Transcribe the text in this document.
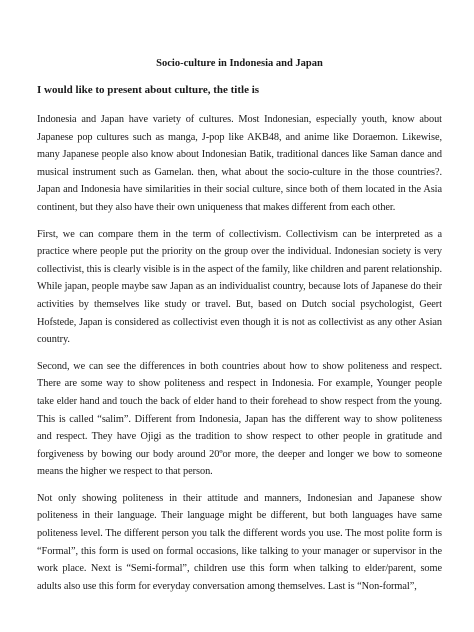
Socio-culture in Indonesia and Japan
I would like to present about culture, the title is

Indonesia and Japan have variety of cultures. Most Indonesian, especially youth, know about Japanese pop cultures such as manga, J-pop like AKB48, and anime like Doraemon. Likewise, many Japanese people also know about Indonesian Batik, traditional dances like Saman dance and musical instrument such as Gamelan. then, what about the socio-culture in the those countries?. Japan and Indonesia have similarities in their social culture, since both of them located in the Asia continent, but they also have their own uniqueness that makes different from each other.

First, we can compare them in the term of collectivism. Collectivism can be interpreted as a practice where people put the priority on the group over the individual. Indonesian society is very collectivist, this is clearly visible is in the aspect of the family, like children and parent relationship. While japan, people maybe saw Japan as an individualist country, because lots of Japanese do their activities by themselves like study or travel. But, based on Dutch social psychologist, Geert Hofstede, Japan is considered as collectivist even though it is not as collectivist as any other Asian country.

Second, we can see the differences in both countries about how to show politeness and respect. There are some way to show politeness and respect in Indonesia. For example, Younger people take elder hand and touch the back of elder hand to their forehead to show respect from the young. This is called “salim”. Different from Indonesia, Japan has the different way to show politeness and respect. They have Ojigi as the tradition to show respect to other people in gratitude and forgiveness by bowing our body around 20ºor more, the deeper and longer we bow to someone means the higher we respect to that person.

Not only showing politeness in their attitude and manners, Indonesian and Japanese show politeness in their language. Their language might be different, but both languages have same politeness level. The different person you talk the different words you use. The most polite form is “Formal”, this form is used on formal occasions, like talking to your manager or supervisor in the work place. Next is “Semi-formal”, children use this form when talking to elder/parent, some adults also use this form for everyday conversation among themselves. Last is “Non-formal”,
